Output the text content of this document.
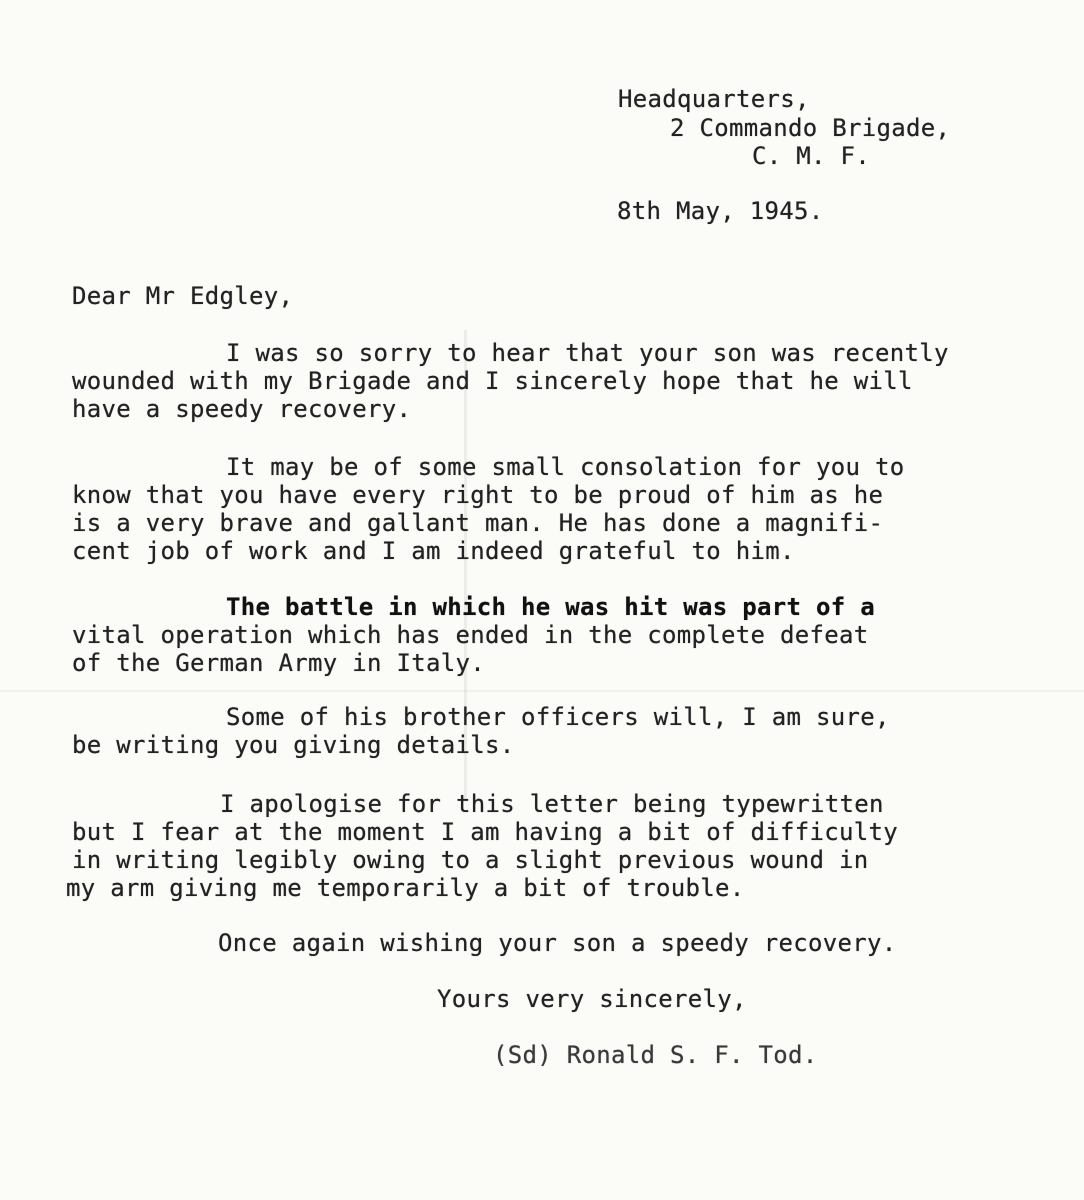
Headquarters,
2 Commando Brigade,
C. M. F.
8th May, 1945.
Dear Mr Edgley,
I was so sorry to hear that your son was recently
wounded with my Brigade and I sincerely hope that he will
have a speedy recovery.
It may be of some small consolation for you to
know that you have every right to be proud of him as he
is a very brave and gallant man. He has done a magnifi-
cent job of work and I am indeed grateful to him.
The battle in which he was hit was part of a
vital operation which has ended in the complete defeat
of the German Army in Italy.
Some of his brother officers will, I am sure,
be writing you giving details.
I apologise for this letter being typewritten
but I fear at the moment I am having a bit of difficulty
in writing legibly owing to a slight previous wound in
my arm giving me temporarily a bit of trouble.
Once again wishing your son a speedy recovery.
Yours very sincerely,
(Sd) Ronald S. F. Tod.
